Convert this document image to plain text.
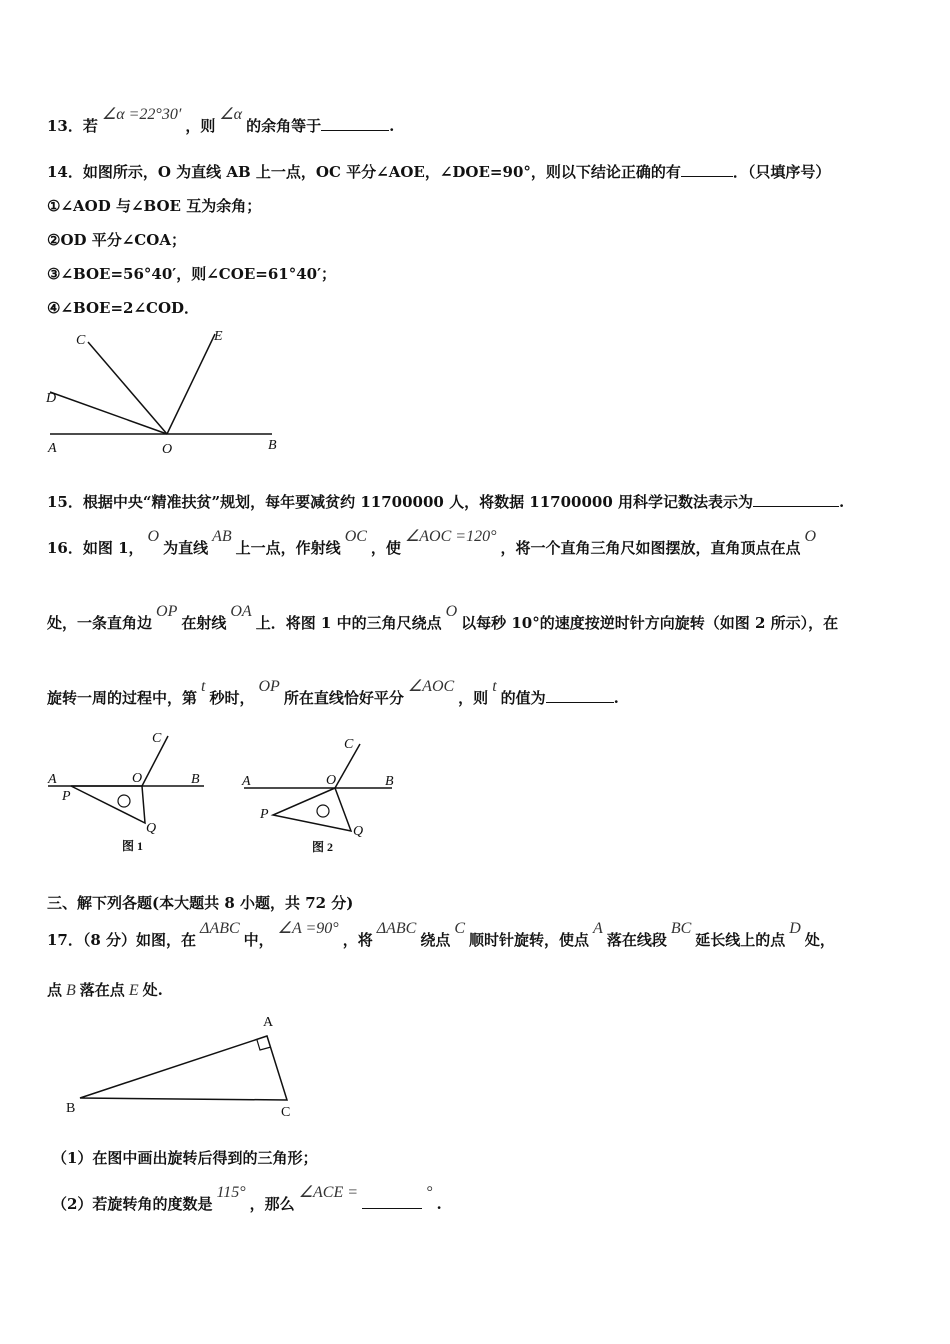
13．若∠α =22°30′，则∠α的余角等于	.
14．如图所示，O 为直线 AB 上一点，OC 平分∠AOE，∠DOE=90°，则以下结论正确的有	．（只填序号）
①∠AOD 与∠BOE 互为余角；
②OD 平分∠COA；
③∠BOE=56°40′，则∠COE=61°40′；
④∠BOE=2∠COD．
C
D
E
A	O	B
15．根据中央“精准扶贫”规划，每年要减贫约 11700000 人，将数据 11700000 用科学记数法表示为	.
16．如图 1，O为直线AB上一点，作射线OC，使∠AOC =120°，将一个直角三角尺如图摆放，直角顶点在点O
处，一条直角边OP在射线OA上．将图 1 中的三角尺绕点O以每秒 10°的速度按逆时针方向旋转（如图 2 所示），在
旋转一周的过程中，第t秒时，OP所在直线恰好平分∠AOC，则t的值为	.
A	O
C
B
P
Q
图 1
A	O
C
B
P
Q
图 2
三、解下列各题(本大题共 8 小题，共 72 分)
17．（8 分）如图，在ΔABC中，∠A =90°，将ΔABC绕点C顺时针旋转，使点A落在线段BC延长线上的点D处，
点 B 落在点 E 处.
A
B	C
（1）在图中画出旋转后得到的三角形；
（2）若旋转角的度数是115°，那么∠ACE =	°.
